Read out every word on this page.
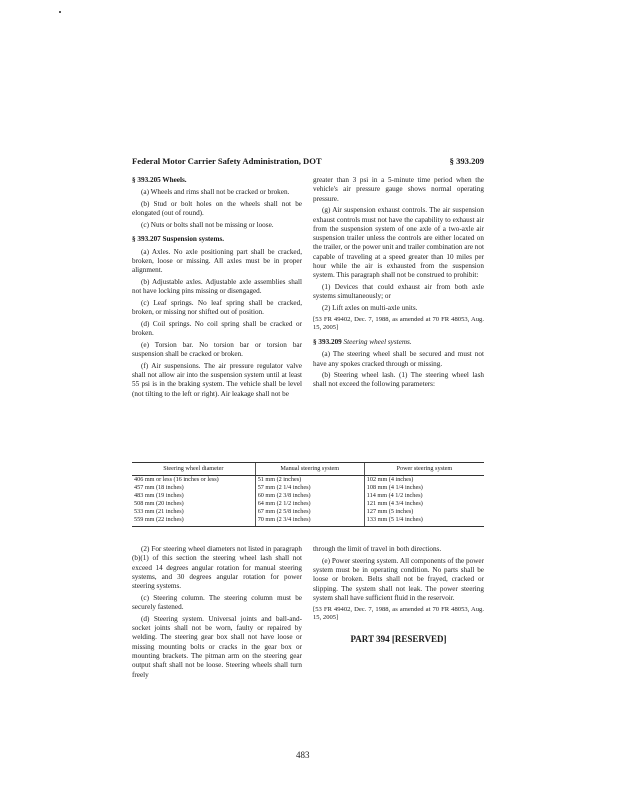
Federal Motor Carrier Safety Administration, DOT	§ 393.209

§ 393.205 Wheels.

(a) Wheels and rims shall not be cracked or broken.

(b) Stud or bolt holes on the wheels shall not be elongated (out of round).

(c) Nuts or bolts shall not be missing or loose.

§ 393.207 Suspension systems.

(a) Axles. No axle positioning part shall be cracked, broken, loose or missing. All axles must be in proper alignment.

(b) Adjustable axles. Adjustable axle assemblies shall not have locking pins missing or disengaged.

(c) Leaf springs. No leaf spring shall be cracked, broken, or missing nor shifted out of position.

(d) Coil springs. No coil spring shall be cracked or broken.

(e) Torsion bar. No torsion bar or torsion bar suspension shall be cracked or broken.

(f) Air suspensions. The air pressure regulator valve shall not allow air into the suspension system until at least 55 psi is in the braking system. The vehicle shall be level (not tilting to the left or right). Air leakage shall not be

greater than 3 psi in a 5-minute time period when the vehicle's air pressure gauge shows normal operating pressure.

(g) Air suspension exhaust controls. The air suspension exhaust controls must not have the capability to exhaust air from the suspension system of one axle of a two-axle air suspension trailer unless the controls are either located on the trailer, or the power unit and trailer combination are not capable of traveling at a speed greater than 10 miles per hour while the air is exhausted from the suspension system. This paragraph shall not be construed to prohibit:

(1) Devices that could exhaust air from both axle systems simultaneously; or

(2) Lift axles on multi-axle units.

[53 FR 49402, Dec. 7, 1988, as amended at 70 FR 48053, Aug. 15, 2005]

§ 393.209 Steering wheel systems.

(a) The steering wheel shall be secured and must not have any spokes cracked through or missing.

(b) Steering wheel lash. (1) The steering wheel lash shall not exceed the following parameters:

Steering wheel diameter	Manual steering system	Power steering system
406 mm or less (16 inches or less)	51 mm (2 inches)	102 mm (4 inches)
457 mm (18 inches)	57 mm (2 1/4 inches)	108 mm (4 1/4 inches)
483 mm (19 inches)	60 mm (2 3/8 inches)	114 mm (4 1/2 inches)
508 mm (20 inches)	64 mm (2 1/2 inches)	121 mm (4 3/4 inches)
533 mm (21 inches)	67 mm (2 5/8 inches)	127 mm (5 inches)
559 mm (22 inches)	70 mm (2 3/4 inches)	133 mm (5 1/4 inches)

(2) For steering wheel diameters not listed in paragraph (b)(1) of this section the steering wheel lash shall not exceed 14 degrees angular rotation for manual steering systems, and 30 degrees angular rotation for power steering systems.

(c) Steering column. The steering column must be securely fastened.

(d) Steering system. Universal joints and ball-and-socket joints shall not be worn, faulty or repaired by welding. The steering gear box shall not have loose or missing mounting bolts or cracks in the gear box or mounting brackets. The pitman arm on the steering gear output shaft shall not be loose. Steering wheels shall turn freely

through the limit of travel in both directions.

(e) Power steering system. All components of the power system must be in operating condition. No parts shall be loose or broken. Belts shall not be frayed, cracked or slipping. The system shall not leak. The power steering system shall have sufficient fluid in the reservoir.

[53 FR 49402, Dec. 7, 1988, as amended at 70 FR 48053, Aug. 15, 2005]

PART 394 [RESERVED]

483
